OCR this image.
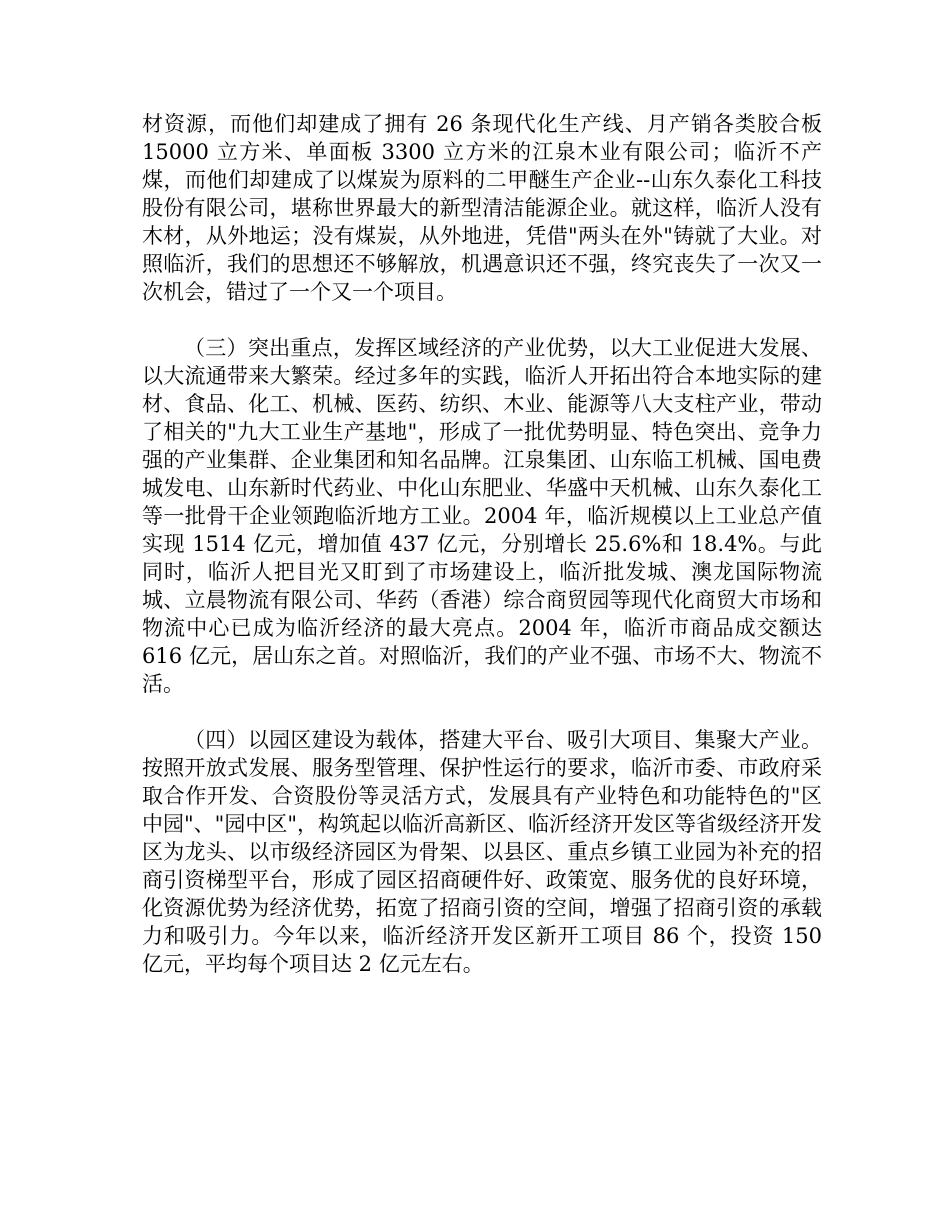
材资源，而他们却建成了拥有 26 条现代化生产线、月产销各类胶合板 15000 立方米、单面板 3300 立方米的江泉木业有限公司；临沂不产煤，而他们却建成了以煤炭为原料的二甲醚生产企业--山东久泰化工科技股份有限公司，堪称世界最大的新型清洁能源企业。就这样，临沂人没有木材，从外地运；没有煤炭，从外地进，凭借"两头在外"铸就了大业。对照临沂，我们的思想还不够解放，机遇意识还不强，终究丧失了一次又一次机会，错过了一个又一个项目。

（三）突出重点，发挥区域经济的产业优势，以大工业促进大发展、以大流通带来大繁荣。经过多年的实践，临沂人开拓出符合本地实际的建材、食品、化工、机械、医药、纺织、木业、能源等八大支柱产业，带动了相关的"九大工业生产基地"，形成了一批优势明显、特色突出、竞争力强的产业集群、企业集团和知名品牌。江泉集团、山东临工机械、国电费城发电、山东新时代药业、中化山东肥业、华盛中天机械、山东久泰化工等一批骨干企业领跑临沂地方工业。2004 年，临沂规模以上工业总产值实现 1514 亿元，增加值 437 亿元，分别增长 25.6%和 18.4%。与此同时，临沂人把目光又盯到了市场建设上，临沂批发城、澳龙国际物流城、立晨物流有限公司、华药（香港）综合商贸园等现代化商贸大市场和物流中心已成为临沂经济的最大亮点。2004 年，临沂市商品成交额达 616 亿元，居山东之首。对照临沂，我们的产业不强、市场不大、物流不活。

（四）以园区建设为载体，搭建大平台、吸引大项目、集聚大产业。按照开放式发展、服务型管理、保护性运行的要求，临沂市委、市政府采取合作开发、合资股份等灵活方式，发展具有产业特色和功能特色的"区中园"、"园中区"，构筑起以临沂高新区、临沂经济开发区等省级经济开发区为龙头、以市级经济园区为骨架、以县区、重点乡镇工业园为补充的招商引资梯型平台，形成了园区招商硬件好、政策宽、服务优的良好环境，化资源优势为经济优势，拓宽了招商引资的空间，增强了招商引资的承载力和吸引力。今年以来，临沂经济开发区新开工项目 86 个，投资 150 亿元，平均每个项目达 2 亿元左右。
